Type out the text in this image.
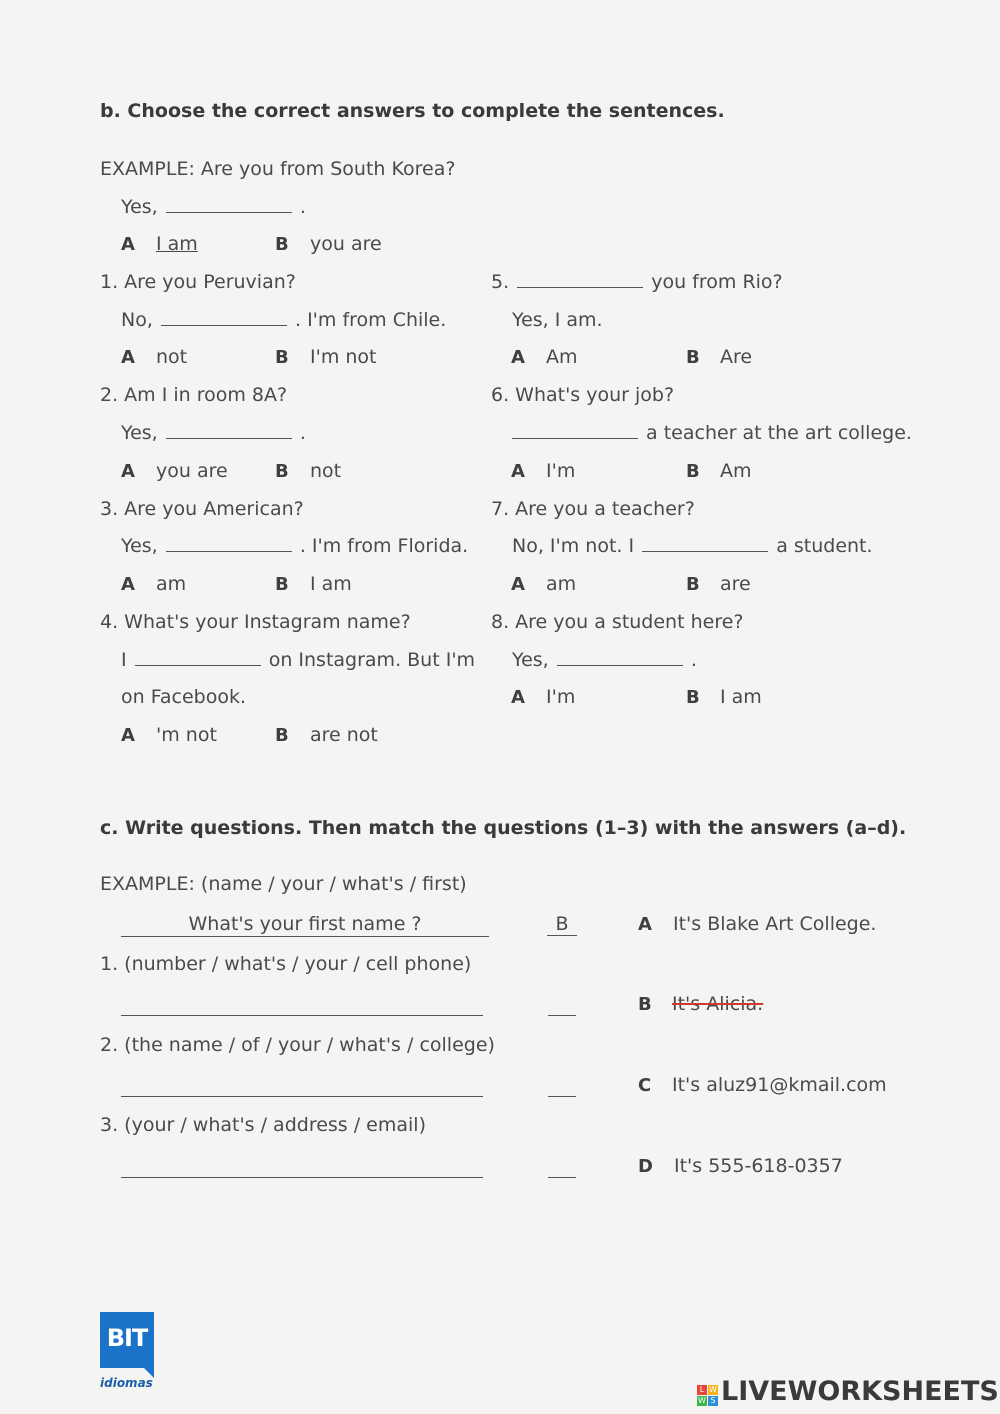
b. Choose the correct answers to complete the sentences.
EXAMPLE: Are you from South Korea?
Yes,	.
A I am	B you are
1. Are you Peruvian?
No,	. I'm from Chile.
A not	B I'm not
2. Am I in room 8A?
Yes,	.
A you are	B not
3. Are you American?
Yes,	. I'm from Florida.
A am	B I am
4. What's your Instagram name?
I	on Instagram. But I'm
on Facebook.
A 'm not	B are not
5.	you from Rio?
Yes, I am.
A Am	B Are
6. What's your job?
a teacher at the art college.
A I'm	B Am
7. Are you a teacher?
No, I'm not. I	a student.
A am	B are
8. Are you a student here?
Yes,	.
A I'm	B I am
c. Write questions. Then match the questions (1–3) with the answers (a–d).
EXAMPLE: (name / your / what's / first)
What's your first name ?	B
1. (number / what's / your / cell phone)
2. (the name / of / your / what's / college)
3. (your / what's / address / email)
A It's Blake Art College.
B It's Alicia.
C It's aluz91@kmail.com
D It's 555-618-0357
BIT
idiomas	L W
W S LIVEWORKSHEETS
